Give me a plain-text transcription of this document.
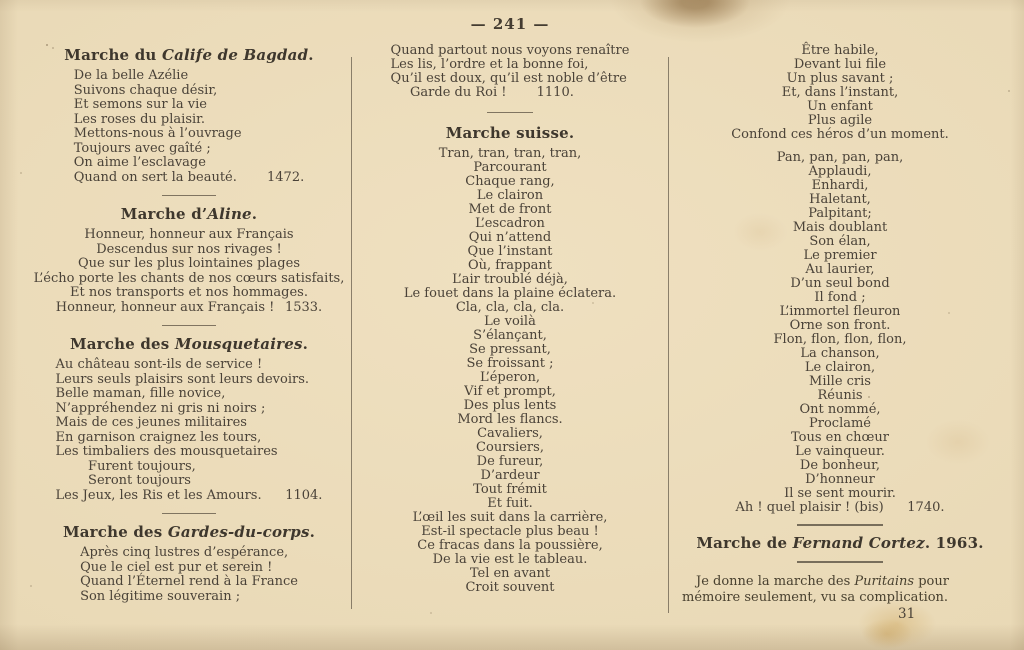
— 241 —
Marche du Calife de Bagdad.
De la belle Azélie
Suivons chaque désir,
Et semons sur la vie
Les roses du plaisir.
Mettons-nous à l’ouvrage
Toujours avec gaîté ;
On aime l’esclavage
Quand on sert la beauté.   1472.
Marche d’Aline.
Honneur, honneur aux Français
Descendus sur nos rivages !
Que sur les plus lointaines plages
L’écho porte les chants de nos cœurs satisfaits,
Et nos transports et nos hommages.
Honneur, honneur aux Français !  1533.
Marche des Mousquetaires.
Au château sont-ils de service !
Leurs seuls plaisirs sont leurs devoirs.
Belle maman, fille novice,
N’appréhendez ni gris ni noirs ;
Mais de ces jeunes militaires
En garnison craignez les tours,
Les timbaliers des mousquetaires
   Furent toujours,
   Seront toujours
Les Jeux, les Ris et les Amours.   1104.
Marche des Gardes-du-corps.
Après cinq lustres d’espérance,
Que le ciel est pur et serein !
Quand l’Éternel rend à la France
Son légitime souverain ;
Quand partout nous voyons renaître
Les lis, l’ordre et la bonne foi,
Qu’il est doux, qu’il est noble d’être
  Garde du Roi !   1110.
Marche suisse.
Tran, tran, tran, tran,
Parcourant
Chaque rang,
Le clairon
Met de front
L’escadron
Qui n’attend
Que l’instant
Où, frappant
L’air troublé déjà,
Le fouet dans la plaine éclatera.
Cla, cla, cla, cla.
Le voilà
S’élançant,
Se pressant,
Se froissant ;
L’éperon,
Vif et prompt,
Des plus lents
Mord les flancs.
Cavaliers,
Coursiers,
De fureur,
D’ardeur
Tout frémit
Et fuit.
L’œil les suit dans la carrière,
Est-il spectacle plus beau !
Ce fracas dans la poussière,
De la vie est le tableau.
Tel en avant
Croit souvent
Être habile,
Devant lui file
Un plus savant ;
Et, dans l’instant,
Un enfant
Plus agile
Confond ces héros d’un moment.
Pan, pan, pan, pan,
Applaudi,
Enhardi,
Haletant,
Palpitant;
Mais doublant
Son élan,
Le premier
Au laurier,
D’un seul bond
Il fond ;
L’immortel fleuron
Orne son front.
Flon, flon, flon, flon,
La chanson,
Le clairon,
Mille cris
Réunis
Ont nommé,
Proclamé
Tous en chœur
Le vainqueur.
De bonheur,
D’honneur
Il se sent mourir.
Ah ! quel plaisir ! (bis)   1740.
Marche de Fernand Cortez. 1963.

Je donne la marche des Puritains pour mémoire seulement, vu sa complication.

31
